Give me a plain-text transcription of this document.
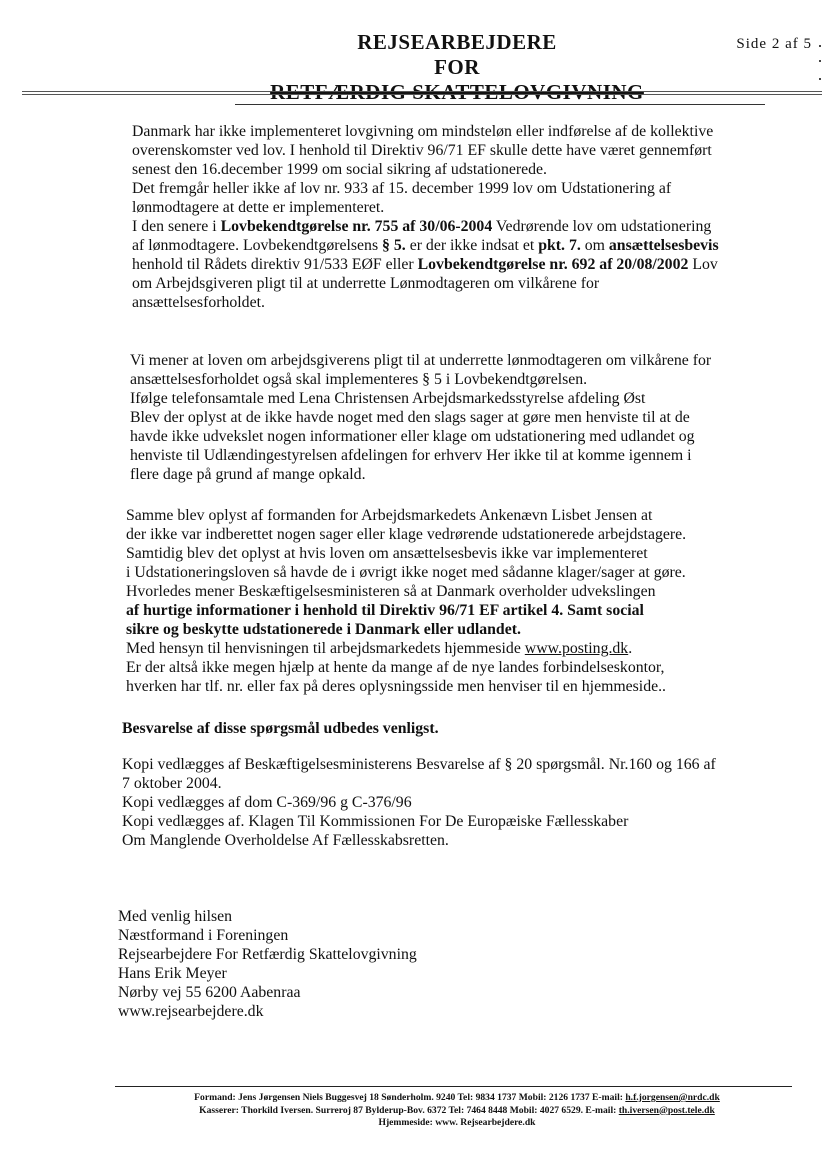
REJSEARBEJDERE
FOR
RETFÆRDIG SKATTELOVGIVNING
Side 2 af 5
Danmark har ikke implementeret lovgivning om mindsteløn eller indførelse af de kollektive
overenskomster ved lov. I henhold til Direktiv 96/71 EF skulle dette have været gennemført
senest den 16.december 1999 om social sikring af udstationerede.
Det fremgår heller ikke af lov nr. 933 af 15. december 1999 lov om Udstationering af
lønmodtagere at dette er implementeret.
I den senere i Lovbekendtgørelse nr. 755 af 30/06-2004 Vedrørende lov om udstationering
af lønmodtagere. Lovbekendtgørelsens § 5. er der ikke indsat et pkt. 7. om ansættelsesbevis
henhold til Rådets direktiv 91/533 EØF eller Lovbekendtgørelse nr. 692 af 20/08/2002 Lov
om Arbejdsgiveren pligt til at underrette Lønmodtageren om vilkårene for
ansættelsesforholdet.
Vi mener at loven om arbejdsgiverens pligt til at underrette lønmodtageren om vilkårene for
ansættelsesforholdet også skal implementeres § 5 i Lovbekendtgørelsen.
Ifølge telefonsamtale med Lena Christensen Arbejdsmarkedsstyrelse afdeling Øst
Blev der oplyst at de ikke havde noget med den slags sager at gøre men henviste til at de
havde ikke udvekslet nogen informationer eller klage om udstationering med udlandet og
henviste til Udlændingestyrelsen afdelingen for erhverv Her ikke til at komme igennem i
flere dage på grund af mange opkald.
Samme blev oplyst af formanden for Arbejdsmarkedets Ankenævn Lisbet Jensen at
der ikke var indberettet nogen sager eller klage vedrørende udstationerede arbejdstagere.
Samtidig blev det oplyst at hvis loven om ansættelsesbevis ikke var implementeret
i Udstationeringsloven så havde de i øvrigt ikke noget med sådanne klager/sager at gøre.
Hvorledes mener Beskæftigelsesministeren så at Danmark overholder udvekslingen
af hurtige informationer i henhold til Direktiv 96/71 EF artikel 4. Samt social
sikre og beskytte udstationerede i Danmark eller udlandet.
Med hensyn til henvisningen til arbejdsmarkedets hjemmeside www.posting.dk.
Er der altså ikke megen hjælp at hente da mange af de nye landes forbindelseskontor,
hverken har tlf. nr. eller fax på deres oplysningsside men henviser til en hjemmeside..
Besvarelse af disse spørgsmål udbedes venligst.
Kopi vedlægges af Beskæftigelsesministerens Besvarelse af § 20 spørgsmål. Nr.160 og 166 af
7 oktober 2004.
Kopi vedlægges af dom C-369/96 g C-376/96
Kopi vedlægges af. Klagen Til Kommissionen For De Europæiske Fællesskaber
Om Manglende Overholdelse Af Fællesskabsretten.
Med venlig hilsen
Næstformand i Foreningen
Rejsearbejdere For Retfærdig Skattelovgivning
Hans Erik Meyer
Nørby vej 55 6200 Aabenraa
www.rejsearbejdere.dk
Formand: Jens Jørgensen Niels Buggesvej 18 Sønderholm. 9240 Tel: 9834 1737 Mobil: 2126 1737 E-mail: h.f.jorgensen@nrdc.dk
Kasserer: Thorkild Iversen. Surreroj 87 Bylderup-Bov. 6372 Tel: 7464 8448 Mobil: 4027 6529. E-mail: th.iversen@post.tele.dk
Hjemmeside: www. Rejsearbejdere.dk
